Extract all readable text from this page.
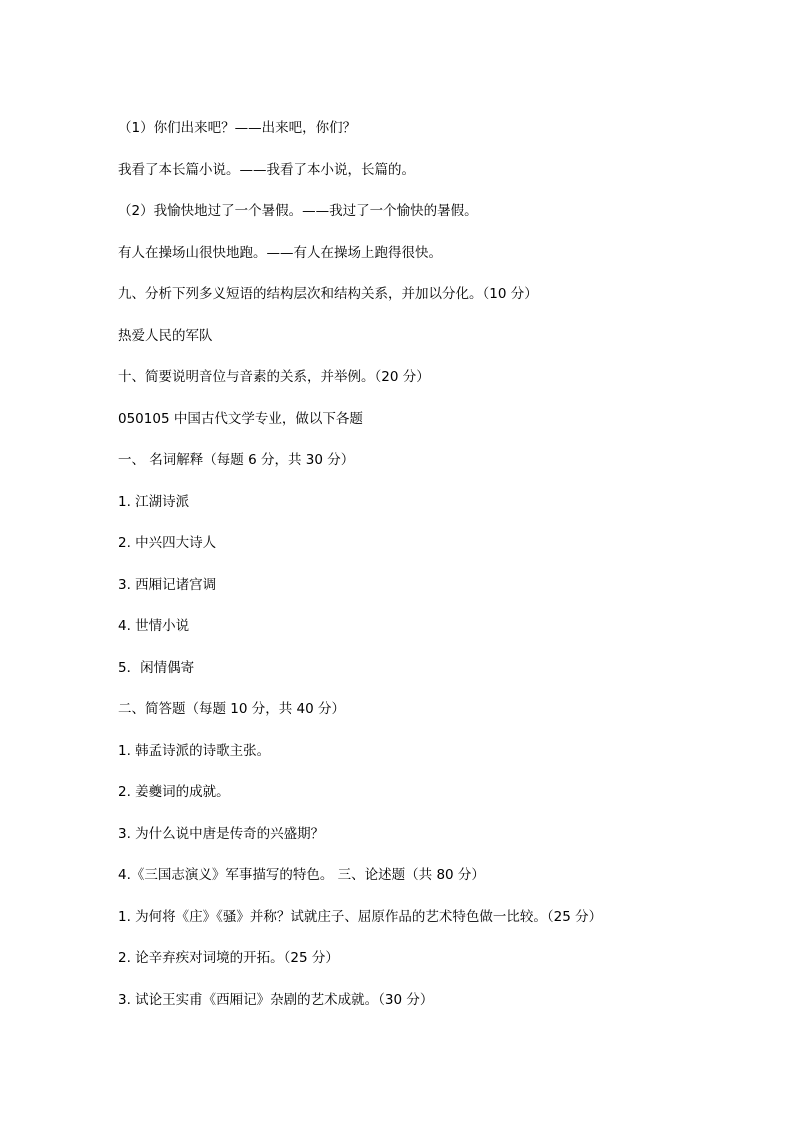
（1）你们出来吧？——出来吧，你们？
我看了本长篇小说。——我看了本小说，长篇的。
（2）我愉快地过了一个暑假。——我过了一个愉快的暑假。
有人在操场山很快地跑。——有人在操场上跑得很快。
九、分析下列多义短语的结构层次和结构关系，并加以分化。（10 分）
热爱人民的军队
十、简要说明音位与音素的关系，并举例。（20 分）
050105 中国古代文学专业，做以下各题
一、 名词解释（每题 6 分，共 30 分）
1. 江湖诗派
2. 中兴四大诗人
3. 西厢记诸宫调
4. 世情小说
5．闲情偶寄
二、简答题（每题 10 分，共 40 分）
1. 韩孟诗派的诗歌主张。
2. 姜夔词的成就。
3. 为什么说中唐是传奇的兴盛期？
4.《三国志演义》军事描写的特色。 三、论述题（共 80 分）
1. 为何将《庄》《骚》并称？试就庄子、屈原作品的艺术特色做一比较。（25 分）
2. 论辛弃疾对词境的开拓。（25 分）
3. 试论王实甫《西厢记》杂剧的艺术成就。（30 分）
